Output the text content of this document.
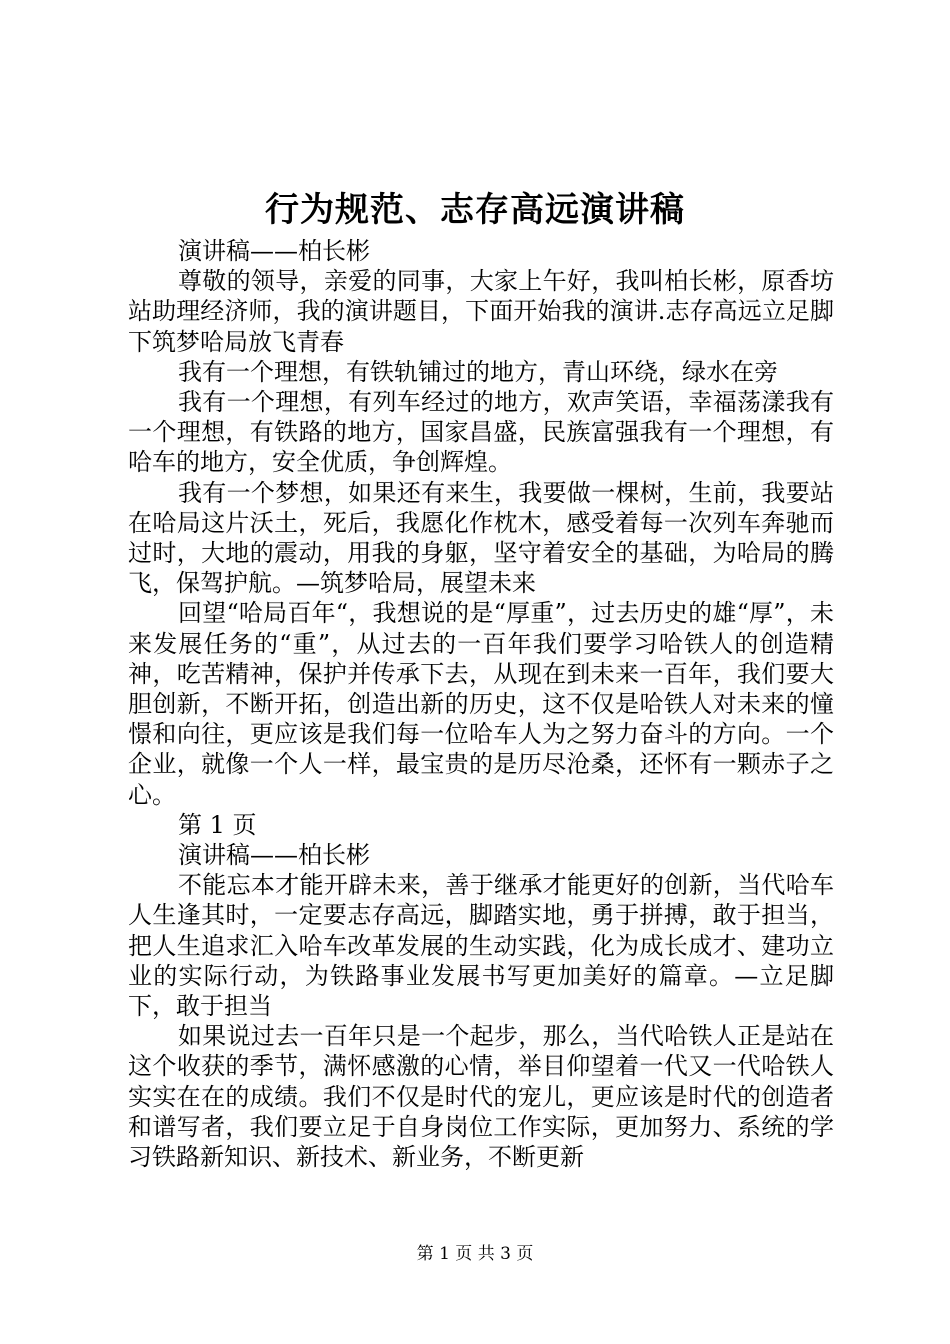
行为规范、志存高远演讲稿

演讲稿——柏长彬

尊敬的领导，亲爱的同事，大家上午好，我叫柏长彬，原香坊站助理经济师，我的演讲题目，下面开始我的演讲.志存高远立足脚下筑梦哈局放飞青春

我有一个理想，有铁轨铺过的地方，青山环绕，绿水在旁

我有一个理想，有列车经过的地方，欢声笑语，幸福荡漾我有一个理想，有铁路的地方，国家昌盛，民族富强我有一个理想，有哈车的地方，安全优质，争创辉煌。

我有一个梦想，如果还有来生，我要做一棵树，生前，我要站在哈局这片沃土，死后，我愿化作枕木，感受着每一次列车奔驰而过时，大地的震动，用我的身躯，坚守着安全的基础，为哈局的腾飞，保驾护航。—筑梦哈局，展望未来

回望“哈局百年“，我想说的是“厚重”，过去历史的雄“厚”，未来发展任务的“重”，从过去的一百年我们要学习哈铁人的创造精神，吃苦精神，保护并传承下去，从现在到未来一百年，我们要大胆创新，不断开拓，创造出新的历史，这不仅是哈铁人对未来的憧憬和向往，更应该是我们每一位哈车人为之努力奋斗的方向。一个企业，就像一个人一样，最宝贵的是历尽沧桑，还怀有一颗赤子之心。

第 1 页

演讲稿——柏长彬

不能忘本才能开辟未来，善于继承才能更好的创新，当代哈车人生逢其时，一定要志存高远，脚踏实地，勇于拼搏，敢于担当，把人生追求汇入哈车改革发展的生动实践，化为成长成才、建功立业的实际行动，为铁路事业发展书写更加美好的篇章。—立足脚下，敢于担当

如果说过去一百年只是一个起步，那么，当代哈铁人正是站在这个收获的季节，满怀感激的心情，举目仰望着一代又一代哈铁人实实在在的成绩。我们不仅是时代的宠儿，更应该是时代的创造者和谱写者，我们要立足于自身岗位工作实际，更加努力、系统的学习铁路新知识、新技术、新业务，不断更新

第 1 页 共 3 页
